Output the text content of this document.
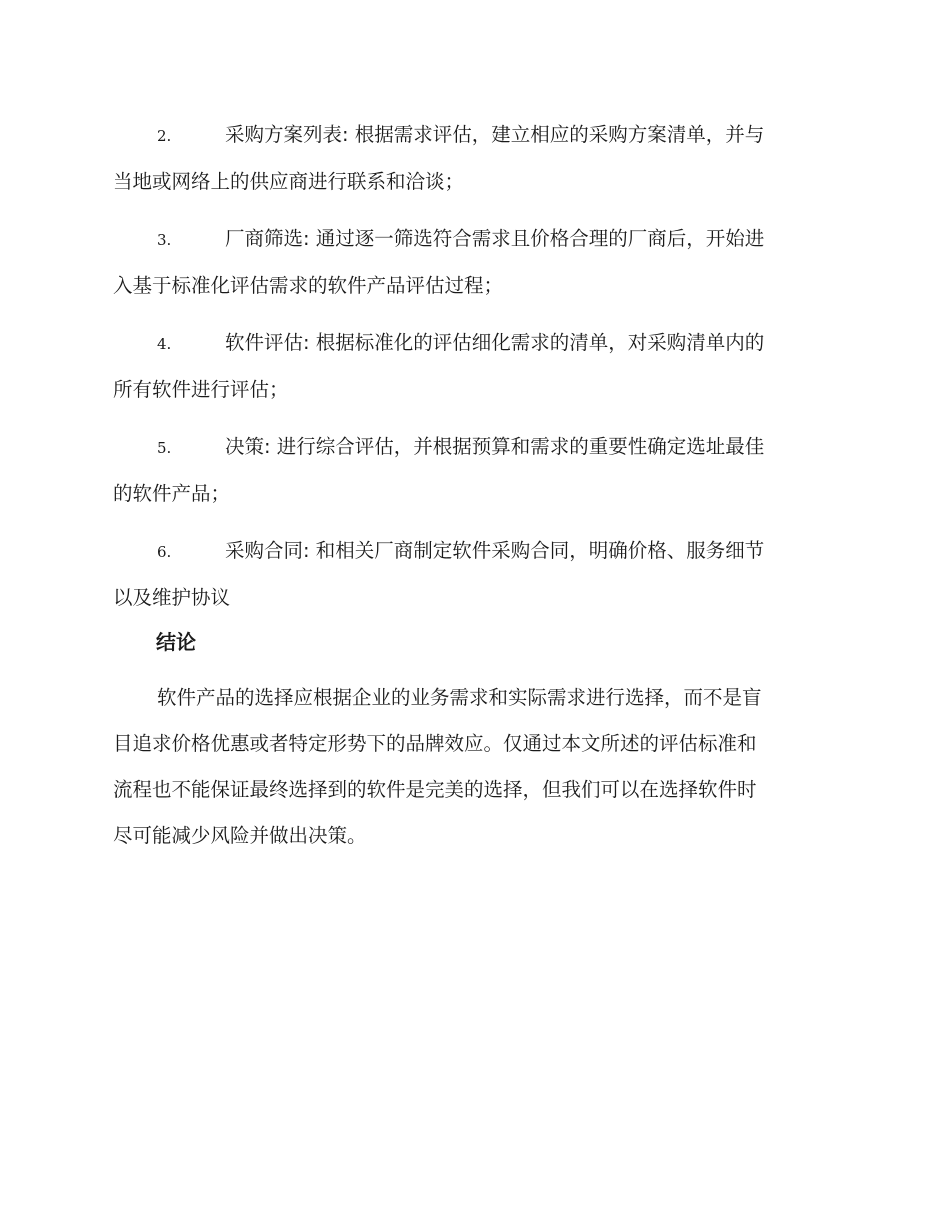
2.	采购方案列表: 根据需求评估，建立相应的采购方案清单，并与
当地或网络上的供应商进行联系和洽谈；
3.	厂商筛选: 通过逐一筛选符合需求且价格合理的厂商后，开始进
入基于标准化评估需求的软件产品评估过程；
4.	软件评估: 根据标准化的评估细化需求的清单，对采购清单内的
所有软件进行评估；
5.	决策: 进行综合评估，并根据预算和需求的重要性确定选址最佳
的软件产品；
6.	采购合同: 和相关厂商制定软件采购合同，明确价格、服务细节
以及维护协议
结论
软件产品的选择应根据企业的业务需求和实际需求进行选择，而不是盲
目追求价格优惠或者特定形势下的品牌效应。仅通过本文所述的评估标准和
流程也不能保证最终选择到的软件是完美的选择，但我们可以在选择软件时
尽可能减少风险并做出决策。
